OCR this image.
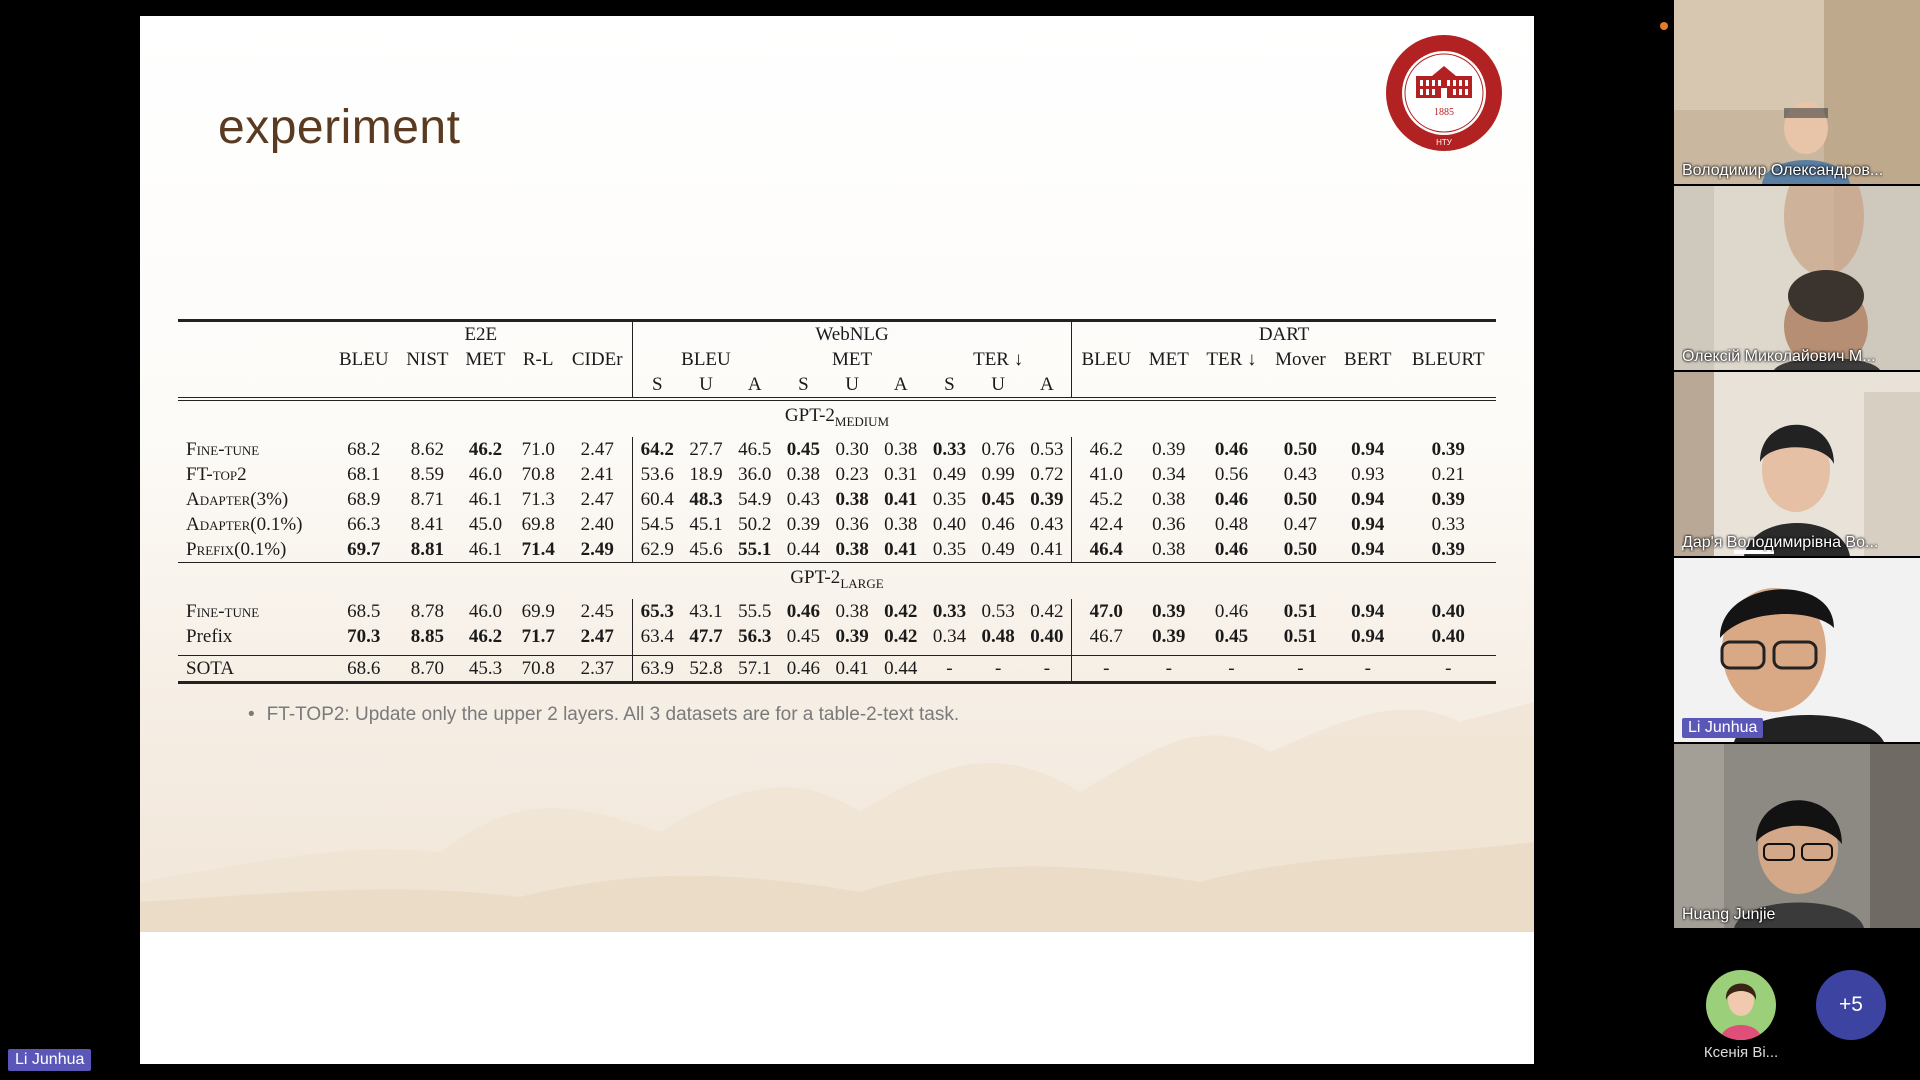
experiment	1885
НТУ
	E2E					WebNLG									DART					
	BLEU	NIST	MET	R-L	CIDEr	BLEU			MET			TER ↓			BLEU	MET	TER ↓	Mover	BERT	BLEURT
						S	U	A	S	U	A	S	U	A						
GPT-$2_{MEDIUM}$
Fine-tune	68.2	8.62	46.2	71.0	2.47	64.2	27.7	46.5	0.45	0.30	0.38	0.33	0.76	0.53	46.2	0.39	0.46	0.50	0.94	0.39
FT-top2	68.1	8.59	46.0	70.8	2.41	53.6	18.9	36.0	0.38	0.23	0.31	0.49	0.99	0.72	41.0	0.34	0.56	0.43	0.93	0.21
Adapter(3%)	68.9	8.71	46.1	71.3	2.47	60.4	48.3	54.9	0.43	0.38	0.41	0.35	0.45	0.39	45.2	0.38	0.46	0.50	0.94	0.39
Adapter(0.1%)	66.3	8.41	45.0	69.8	2.40	54.5	45.1	50.2	0.39	0.36	0.38	0.40	0.46	0.43	42.4	0.36	0.48	0.47	0.94	0.33
Prefix(0.1%)	69.7	8.81	46.1	71.4	2.49	62.9	45.6	55.1	0.44	0.38	0.41	0.35	0.49	0.41	46.4	0.38	0.46	0.50	0.94	0.39
GPT-$2_{LARGE}$
Fine-tune	68.5	8.78	46.0	69.9	2.45	65.3	43.1	55.5	0.46	0.38	0.42	0.33	0.53	0.42	47.0	0.39	0.46	0.51	0.94	0.40
Prefix	70.3	8.85	46.2	71.7	2.47	63.4	47.7	56.3	0.45	0.39	0.42	0.34	0.48	0.40	46.7	0.39	0.45	0.51	0.94	0.40

SOTA	68.6	8.70	45.3	70.8	2.37	63.9	52.8	57.1	0.46	0.41	0.44	-	-	-	-	-	-	-	-	-

• FT-TOP2: Update only the upper 2 layers. All 3 datasets are for a table-2-text task.

Володимир Олександров...
Олексій Миколайович М...
Дар'я Володимирівна Во...
Li Junhua
Huang Junjie
Ксенія Ві...
+5
Li Junhua
